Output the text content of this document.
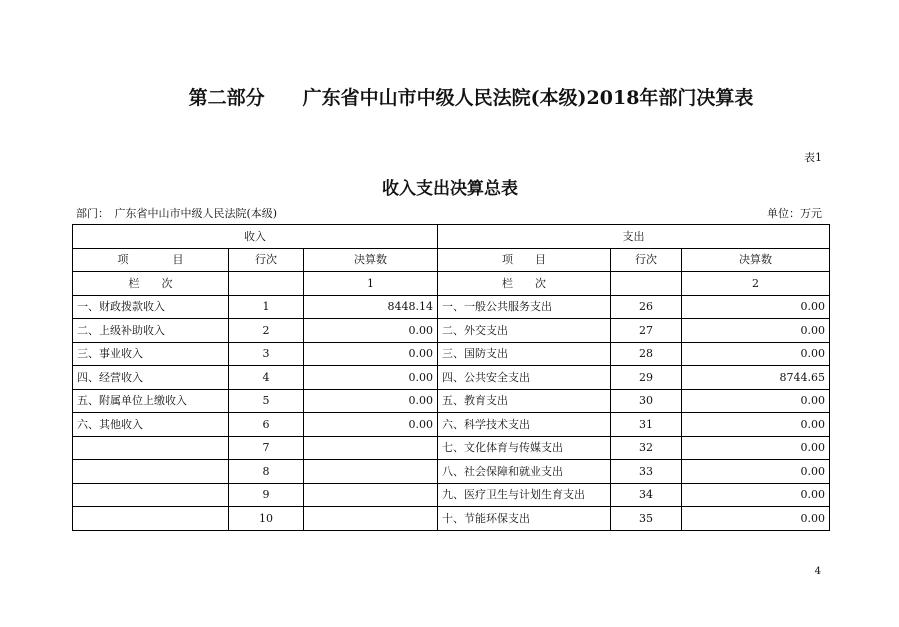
第二部分　　广东省中山市中级人民法院(本级)2018年部门决算表
表1
收入支出决算总表
部门：　广东省中山市中级人民法院(本级)	单位：万元
收入			支出		
项　　　　目	行次	决算数	项　　目	行次	决算数
栏　　次		1	栏　　次		2
一、财政拨款收入	1	8448.14	一、一般公共服务支出	26	0.00
二、上级补助收入	2	0.00	二、外交支出	27	0.00
三、事业收入	3	0.00	三、国防支出	28	0.00
四、经营收入	4	0.00	四、公共安全支出	29	8744.65
五、附属单位上缴收入	5	0.00	五、教育支出	30	0.00
六、其他收入	6	0.00	六、科学技术支出	31	0.00
	7		七、文化体育与传媒支出	32	0.00
	8		八、社会保障和就业支出	33	0.00
	9		九、医疗卫生与计划生育支出	34	0.00
	10		十、节能环保支出	35	0.00
4
